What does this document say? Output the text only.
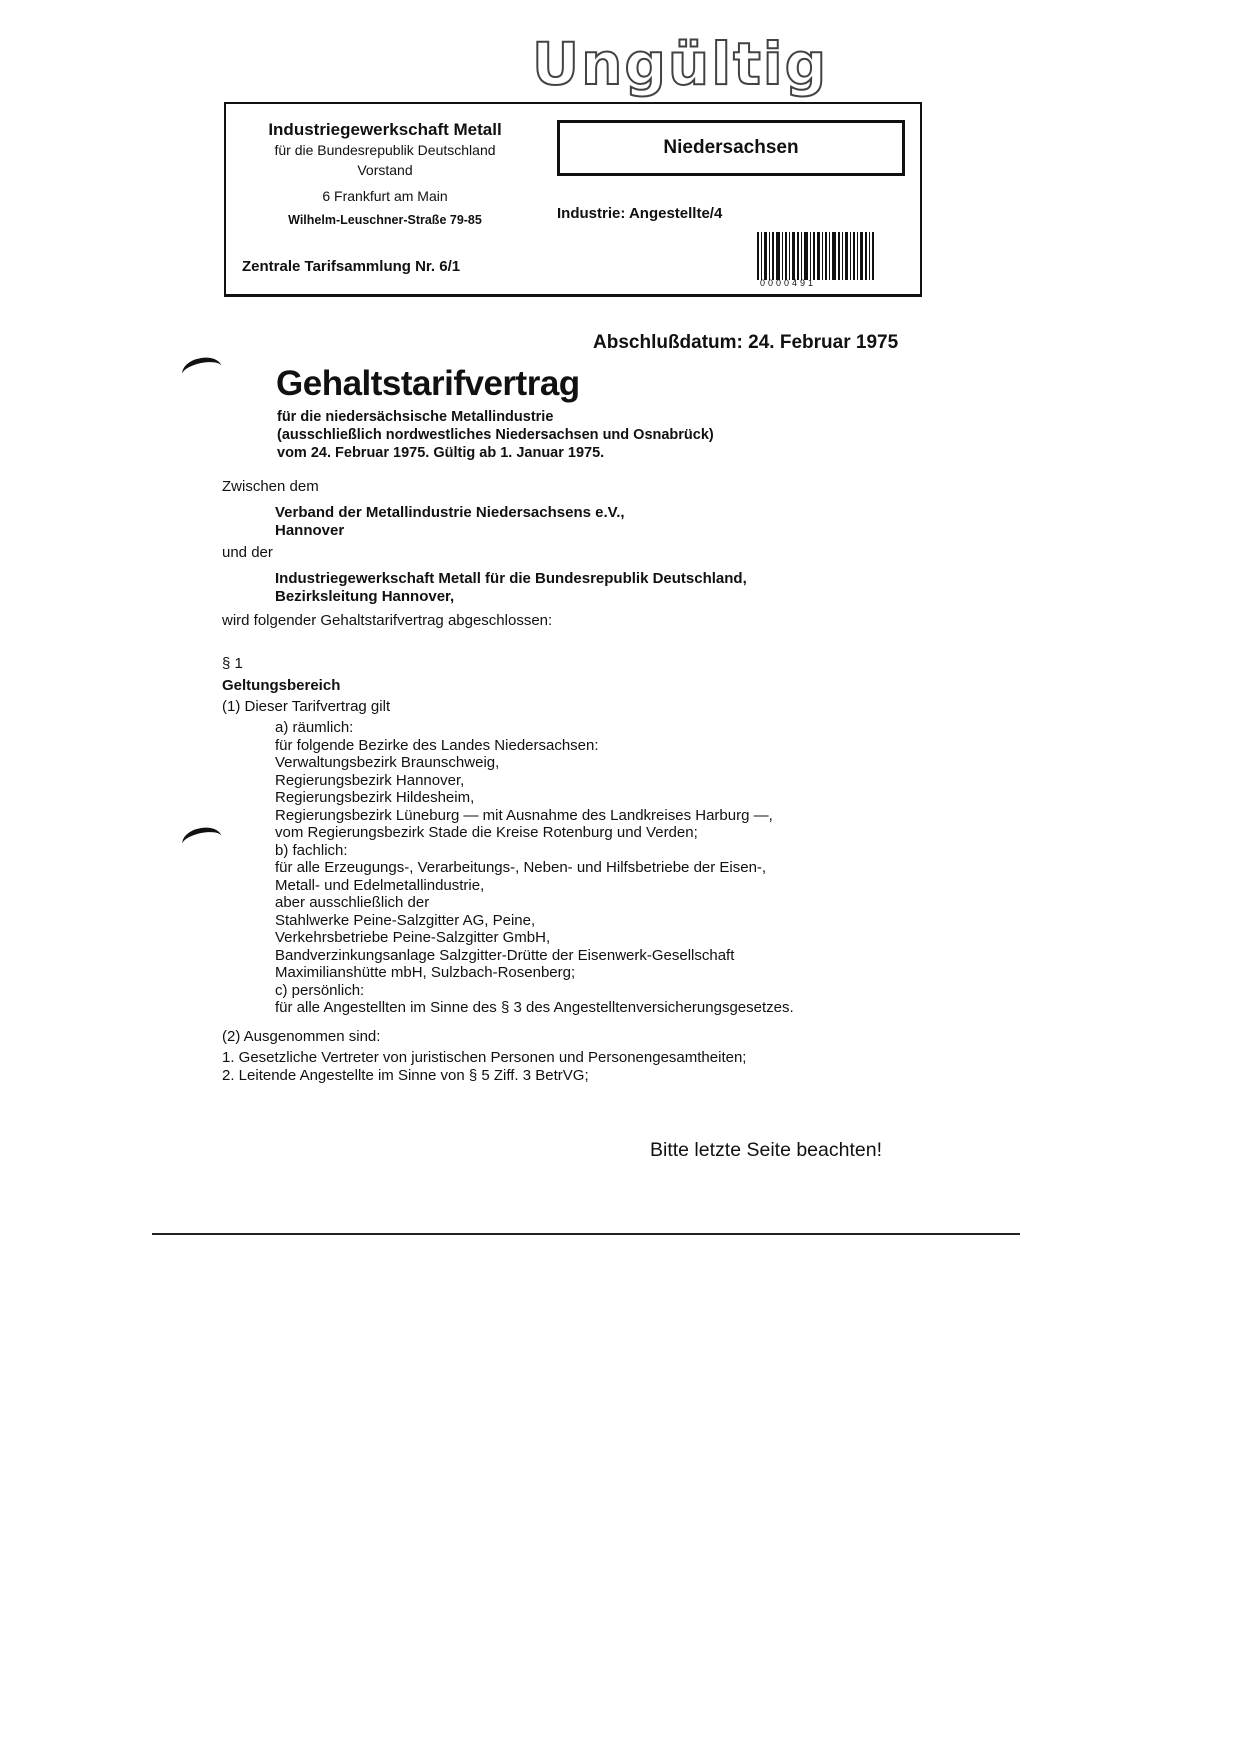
Ungültig
Industriegewerkschaft Metall
für die Bundesrepublik Deutschland
Vorstand
6 Frankfurt am Main
Wilhelm-Leuschner-Straße 79-85
Zentrale Tarifsammlung Nr. 6/1
Niedersachsen
Industrie: Angestellte/4
0000491
Abschlußdatum: 24. Februar 1975
Gehaltstarifvertrag
für die niedersächsische Metallindustrie
(ausschließlich nordwestliches Niedersachsen und Osnabrück)
vom 24. Februar 1975. Gültig ab 1. Januar 1975.
Zwischen dem
Verband der Metallindustrie Niedersachsens e.V.,
Hannover
und der
Industriegewerkschaft Metall für die Bundesrepublik Deutschland,
Bezirksleitung Hannover,
wird folgender Gehaltstarifvertrag abgeschlossen:
§ 1
Geltungsbereich
(1) Dieser Tarifvertrag gilt
a) räumlich:
für folgende Bezirke des Landes Niedersachsen:
Verwaltungsbezirk Braunschweig,
Regierungsbezirk Hannover,
Regierungsbezirk Hildesheim,
Regierungsbezirk Lüneburg — mit Ausnahme des Landkreises Harburg —,
vom Regierungsbezirk Stade die Kreise Rotenburg und Verden;
b) fachlich:
für alle Erzeugungs-, Verarbeitungs-, Neben- und Hilfsbetriebe der Eisen-,
Metall- und Edelmetallindustrie,
aber ausschließlich der
Stahlwerke Peine-Salzgitter AG, Peine,
Verkehrsbetriebe Peine-Salzgitter GmbH,
Bandverzinkungsanlage Salzgitter-Drütte der Eisenwerk-Gesellschaft
Maximilianshütte mbH, Sulzbach-Rosenberg;
c) persönlich:
für alle Angestellten im Sinne des § 3 des Angestelltenversicherungsgesetzes.
(2) Ausgenommen sind:
1. Gesetzliche Vertreter von juristischen Personen und Personengesamtheiten;
2. Leitende Angestellte im Sinne von § 5 Ziff. 3 BetrVG;
Bitte letzte Seite beachten!
